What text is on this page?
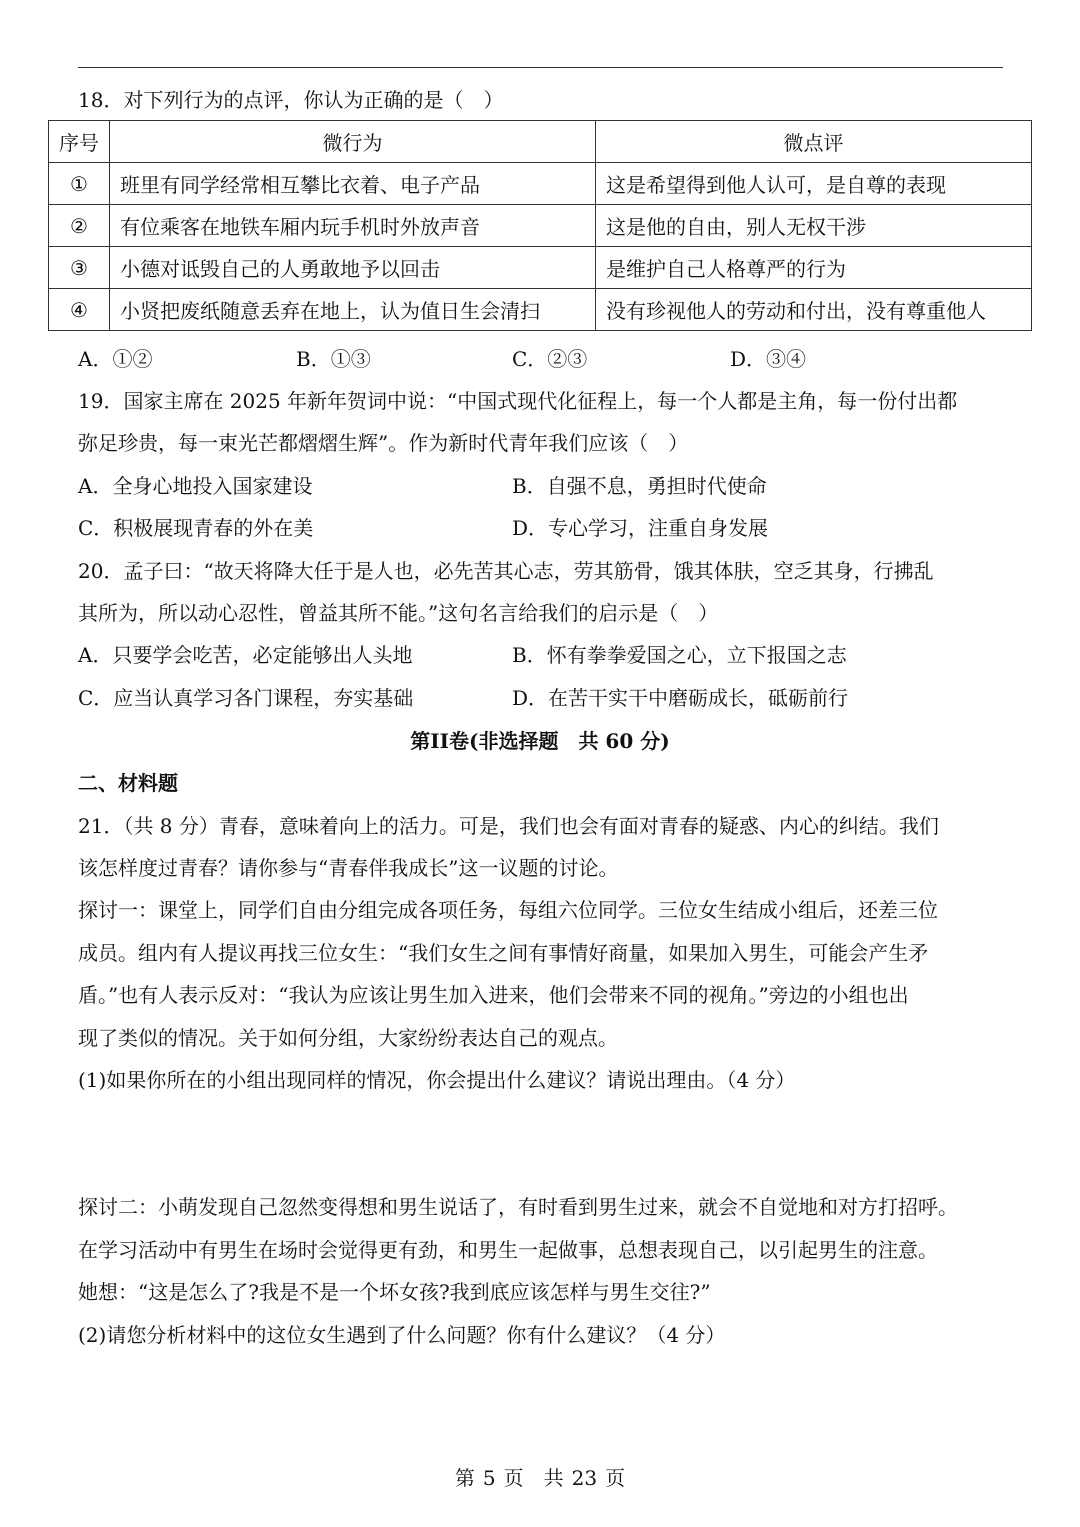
18．对下列行为的点评，你认为正确的是（　）
序号	微行为	微点评
①	班里有同学经常相互攀比衣着、电子产品	这是希望得到他人认可，是自尊的表现
②	有位乘客在地铁车厢内玩手机时外放声音	这是他的自由，别人无权干涉
③	小德对诋毁自己的人勇敢地予以回击	是维护自己人格尊严的行为
④	小贤把废纸随意丢弃在地上，认为值日生会清扫	没有珍视他人的劳动和付出，没有尊重他人
A．①②	B．①③	C．②③	D．③④
19．国家主席在 2025 年新年贺词中说：“中国式现代化征程上，每一个人都是主角，每一份付出都
弥足珍贵，每一束光芒都熠熠生辉”。作为新时代青年我们应该（　）
A．全身心地投入国家建设	B．自强不息，勇担时代使命
C．积极展现青春的外在美	D．专心学习，注重自身发展
20．孟子曰：“故天将降大任于是人也，必先苦其心志，劳其筋骨，饿其体肤，空乏其身，行拂乱
其所为，所以动心忍性，曾益其所不能。”这句名言给我们的启示是（　）
A．只要学会吃苦，必定能够出人头地	B．怀有拳拳爱国之心，立下报国之志
C．应当认真学习各门课程，夯实基础	D．在苦干实干中磨砺成长，砥砺前行
第II卷(非选择题　共 60 分)
二、材料题
21．（共 8 分）青春，意味着向上的活力。可是，我们也会有面对青春的疑惑、内心的纠结。我们
该怎样度过青春？请你参与“青春伴我成长”这一议题的讨论。
探讨一：课堂上，同学们自由分组完成各项任务，每组六位同学。三位女生结成小组后，还差三位
成员。组内有人提议再找三位女生：“我们女生之间有事情好商量，如果加入男生，可能会产生矛
盾。”也有人表示反对：“我认为应该让男生加入进来，他们会带来不同的视角。”旁边的小组也出
现了类似的情况。关于如何分组，大家纷纷表达自己的观点。
(1)如果你所在的小组出现同样的情况，你会提出什么建议？请说出理由。（4 分）
探讨二：小萌发现自己忽然变得想和男生说话了，有时看到男生过来，就会不自觉地和对方打招呼。
在学习活动中有男生在场时会觉得更有劲，和男生一起做事，总想表现自己，以引起男生的注意。
她想：“这是怎么了?我是不是一个坏女孩?我到底应该怎样与男生交往?”
(2)请您分析材料中的这位女生遇到了什么问题？你有什么建议？（4 分）
第 5 页　共 23 页
